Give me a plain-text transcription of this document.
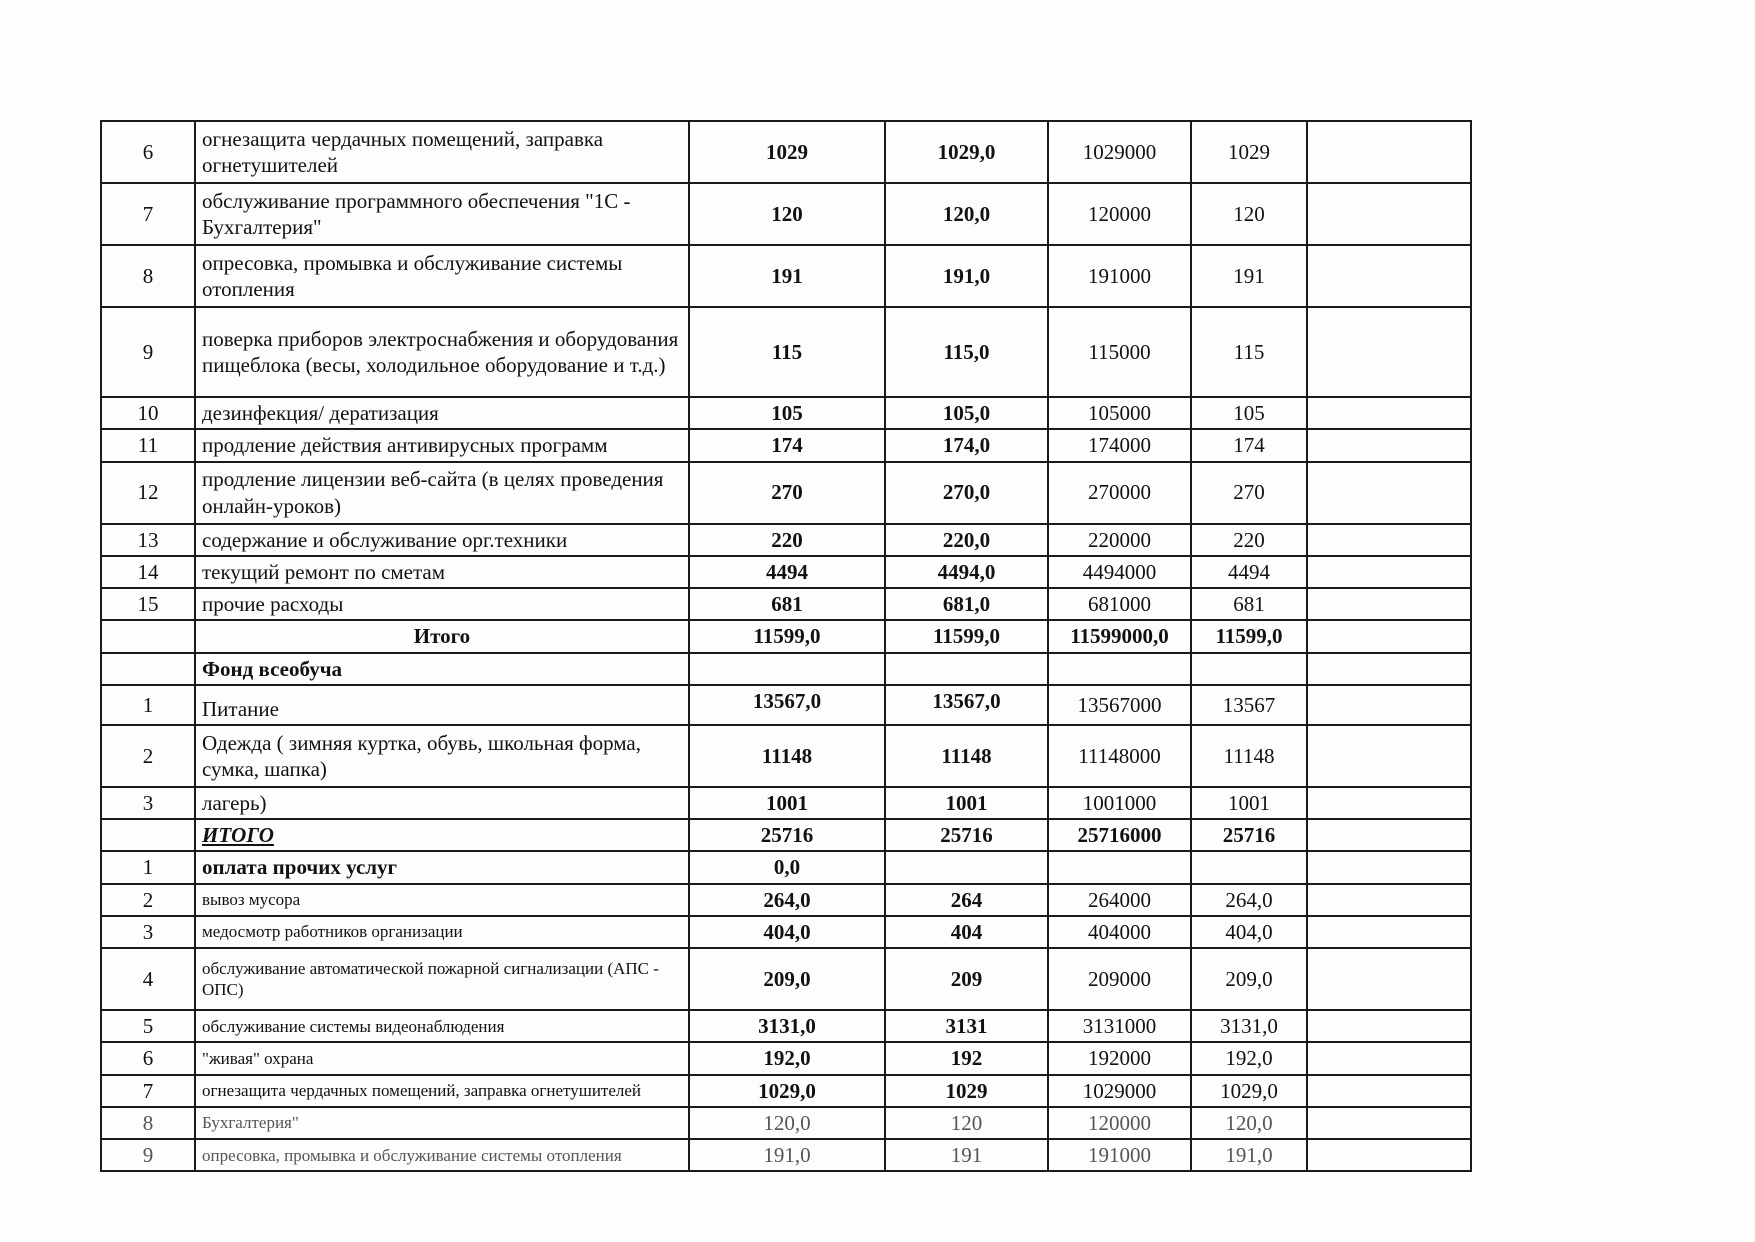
6	огнезащита чердачных помещений, заправка огнетушителей	1029	1029,0	1029000	1029	
7	обслуживание программного обеспечения "1С - Бухгалтерия"	120	120,0	120000	120	
8	опресовка, промывка и обслуживание системы отопления	191	191,0	191000	191	
9	поверка приборов электроснабжения и оборудования пищеблока (весы, холодильное оборудование и т.д.)	115	115,0	115000	115	
10	дезинфекция/ дератизация	105	105,0	105000	105	
11	продление действия антивирусных программ	174	174,0	174000	174	
12	продление лицензии веб-сайта (в целях проведения онлайн-уроков)	270	270,0	270000	270	
13	содержание и обслуживание орг.техники	220	220,0	220000	220	
14	текущий ремонт по сметам	4494	4494,0	4494000	4494	
15	прочие расходы	681	681,0	681000	681	
	Итого	11599,0	11599,0	11599000,0	11599,0	
	Фонд всеобуча					
1	Питание	13567,0	13567,0	13567000	13567	
2	Одежда ( зимняя куртка, обувь, школьная форма, сумка, шапка)	11148	11148	11148000	11148	
3	лагерь)	1001	1001	1001000	1001	
	ИТОГО	25716	25716	25716000	25716	
1	оплата прочих услуг	0,0				
2	вывоз мусора	264,0	264	264000	264,0	
3	медосмотр работников организации	404,0	404	404000	404,0	
4	обслуживание автоматической пожарной сигнализации (АПС - ОПС)	209,0	209	209000	209,0	
5	обслуживание системы видеонаблюдения	3131,0	3131	3131000	3131,0	
6	"живая" охрана	192,0	192	192000	192,0	
7	огнезащита чердачных помещений, заправка огнетушителей	1029,0	1029	1029000	1029,0	
8	Бухгалтерия"	120,0	120	120000	120,0	
9	опресовка, промывка и обслуживание системы отопления	191,0	191	191000	191,0	
